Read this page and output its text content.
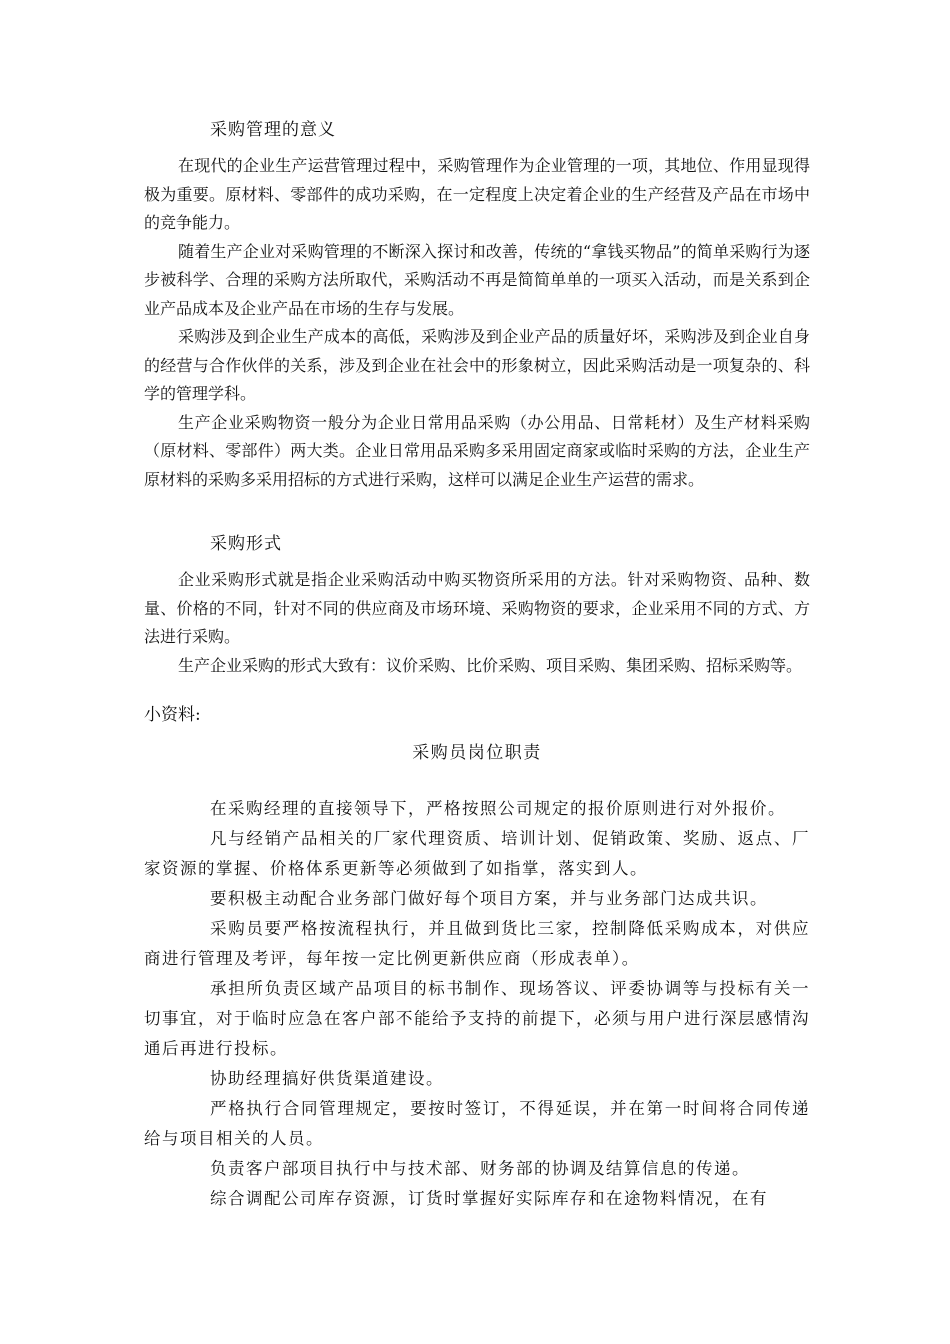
采购管理的意义

在现代的企业生产运营管理过程中，采购管理作为企业管理的一项，其地位、作用显现得极为重要。原材料、零部件的成功采购，在一定程度上决定着企业的生产经营及产品在市场中的竞争能力。

随着生产企业对采购管理的不断深入探讨和改善，传统的“拿钱买物品”的简单采购行为逐步被科学、合理的采购方法所取代，采购活动不再是简简单单的一项买入活动，而是关系到企业产品成本及企业产品在市场的生存与发展。

采购涉及到企业生产成本的高低，采购涉及到企业产品的质量好坏，采购涉及到企业自身的经营与合作伙伴的关系，涉及到企业在社会中的形象树立，因此采购活动是一项复杂的、科学的管理学科。

生产企业采购物资一般分为企业日常用品采购（办公用品、日常耗材）及生产材料采购（原材料、零部件）两大类。企业日常用品采购多采用固定商家或临时采购的方法，企业生产原材料的采购多采用招标的方式进行采购，这样可以满足企业生产运营的需求。

采购形式

企业采购形式就是指企业采购活动中购买物资所采用的方法。针对采购物资、品种、数量、价格的不同，针对不同的供应商及市场环境、采购物资的要求，企业采用不同的方式、方法进行采购。

生产企业采购的形式大致有：议价采购、比价采购、项目采购、集团采购、招标采购等。

小资料:

采购员岗位职责

在采购经理的直接领导下，严格按照公司规定的报价原则进行对外报价。

凡与经销产品相关的厂家代理资质、培训计划、促销政策、奖励、返点、厂家资源的掌握、价格体系更新等必须做到了如指掌，落实到人。

要积极主动配合业务部门做好每个项目方案，并与业务部门达成共识。

采购员要严格按流程执行，并且做到货比三家，控制降低采购成本，对供应商进行管理及考评，每年按一定比例更新供应商（形成表单）。

承担所负责区域产品项目的标书制作、现场答议、评委协调等与投标有关一切事宜，对于临时应急在客户部不能给予支持的前提下，必须与用户进行深层感情沟通后再进行投标。

协助经理搞好供货渠道建设。

严格执行合同管理规定，要按时签订，不得延误，并在第一时间将合同传递给与项目相关的人员。

负责客户部项目执行中与技术部、财务部的协调及结算信息的传递。

综合调配公司库存资源，订货时掌握好实际库存和在途物料情况，在有
